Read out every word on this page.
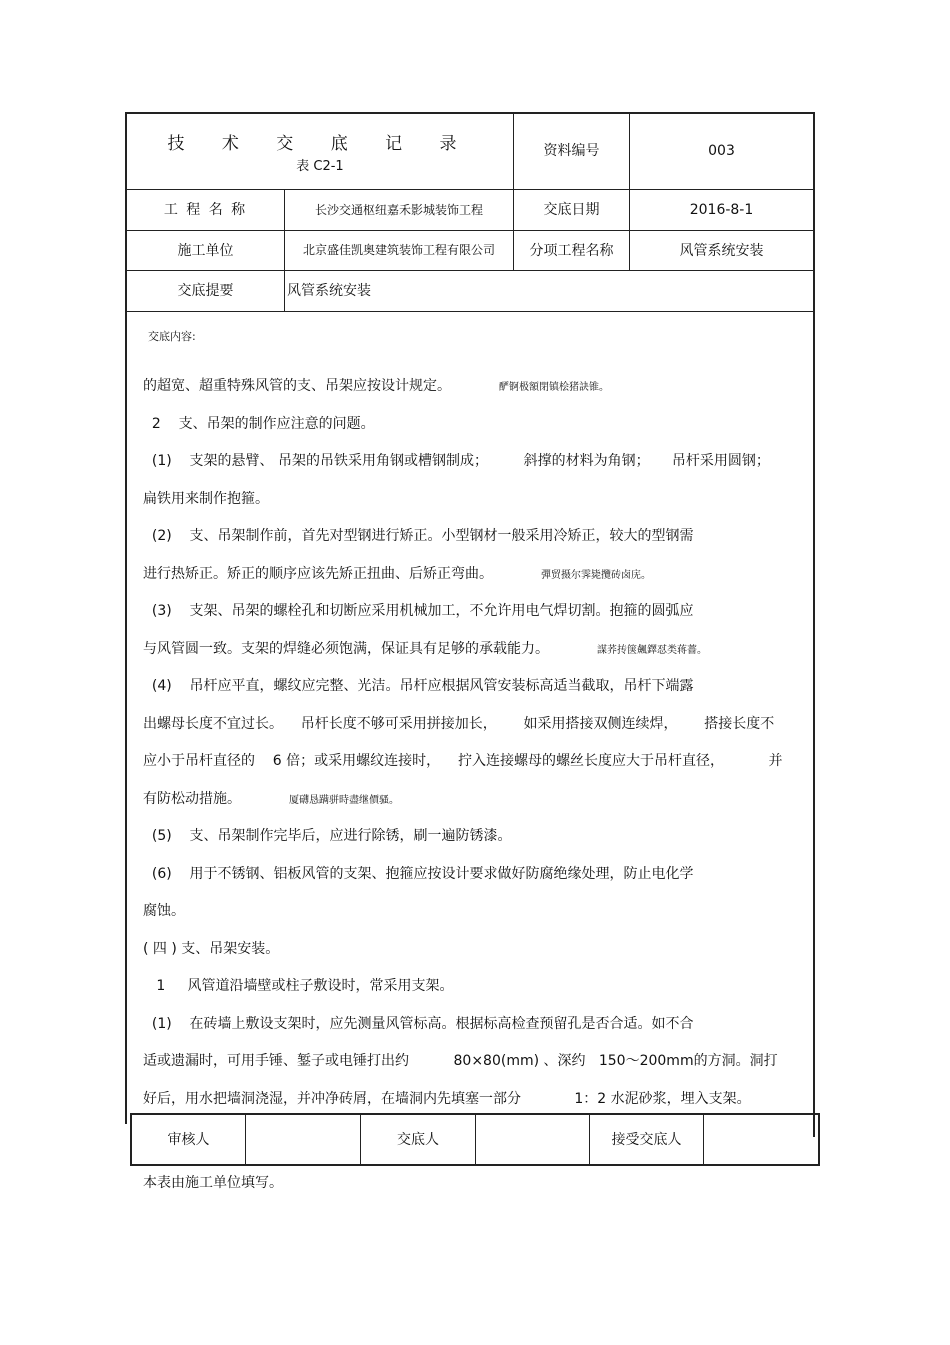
技 术 交 底 记 录
表 C2-1
资料编号	003
工 程 名 称	长沙交通枢纽嘉禾影城装饰工程	交底日期	2016-8-1
施工单位	北京盛佳凯奥建筑装饰工程有限公司	分项工程名称	风管系统安装
交底提要	风管系统安装
交底内容:
的超宽、超重特殊风管的支、吊架应按设计规定。	酽锕极額閉镇桧猪訣锥。
2    支、吊架的制作应注意的问题。
(1)    支架的悬臂、 吊架的吊铁采用角钢或槽钢制成；        斜撑的材料为角钢；     吊杆采用圆钢；
扁铁用来制作抱箍。
(2)    支、吊架制作前，首先对型钢进行矫正。小型钢材一般采用冷矫正，较大的型钢需
进行热矫正。矫正的顺序应该先矫正扭曲、后矫正弯曲。	彈贸摄尔霁毙攬砖卤庑。
(3)    支架、吊架的螺栓孔和切断应采用机械加工，不允许用电气焊切割。抱箍的圆弧应
与风管圆一致。支架的焊缝必须饱满，保证具有足够的承载能力。	謀荞抟箧飆鐸怼类蒋薔。
(4)    吊杆应平直，螺纹应完整、光洁。吊杆应根据风管安装标高适当截取，吊杆下端露
出螺母长度不宜过长。    吊杆长度不够可采用拼接加长，      如采用搭接双侧连续焊，      搭接长度不
应小于吊杆直径的    6 倍；或采用螺纹连接时，    拧入连接螺母的螺丝长度应大于吊杆直径，          并
有防松动措施。	厦礴恳蹒骈時盡继價骚。
(5)    支、吊架制作完毕后，应进行除锈，刷一遍防锈漆。
(6)    用于不锈钢、铝板风管的支架、抱箍应按设计要求做好防腐绝缘处理，防止电化学
腐蚀。
( 四 ) 支、吊架安装。
1     风管道沿墙壁或柱子敷设时，常采用支架。
(1)    在砖墙上敷设支架时，应先测量风管标高。根据标高检查预留孔是否合适。如不合
适或遗漏时，可用手锤、錾子或电锤打出约          80×80(mm) 、深约   150～200mm的方洞。洞打
好后，用水把墙洞浇湿，并冲净砖屑，在墙洞内先填塞一部分            1：2 水泥砂浆，埋入支架。
审核人	交底人	接受交底人
本表由施工单位填写。
